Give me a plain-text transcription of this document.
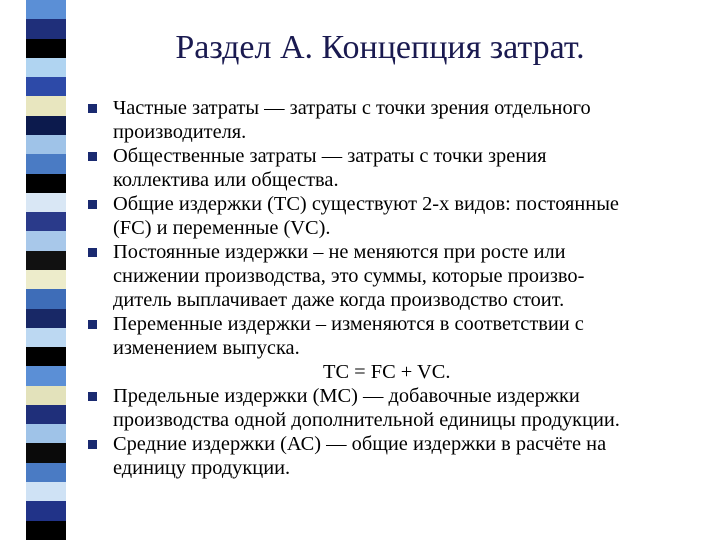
Раздел А. Концепция затрат.
Частные затраты — затраты с точки зрения отдельного
производителя.
Общественные затраты — затраты с точки зрения
коллектива или общества.
Общие издержки (ТС) существуют 2-х видов: постоянные
(FC) и переменные (VC).
Постоянные издержки – не меняются при росте или
снижении производства, это суммы, которые произво-
дитель выплачивает даже когда производство стоит.
Переменные издержки – изменяются в соответствии с
изменением выпуска.
TC = FC + VC.
Предельные издержки (МС) — добавочные издержки
производства одной дополнительной единицы продукции.
Средние издержки (АС) — общие издержки в расчёте на
единицу продукции.
